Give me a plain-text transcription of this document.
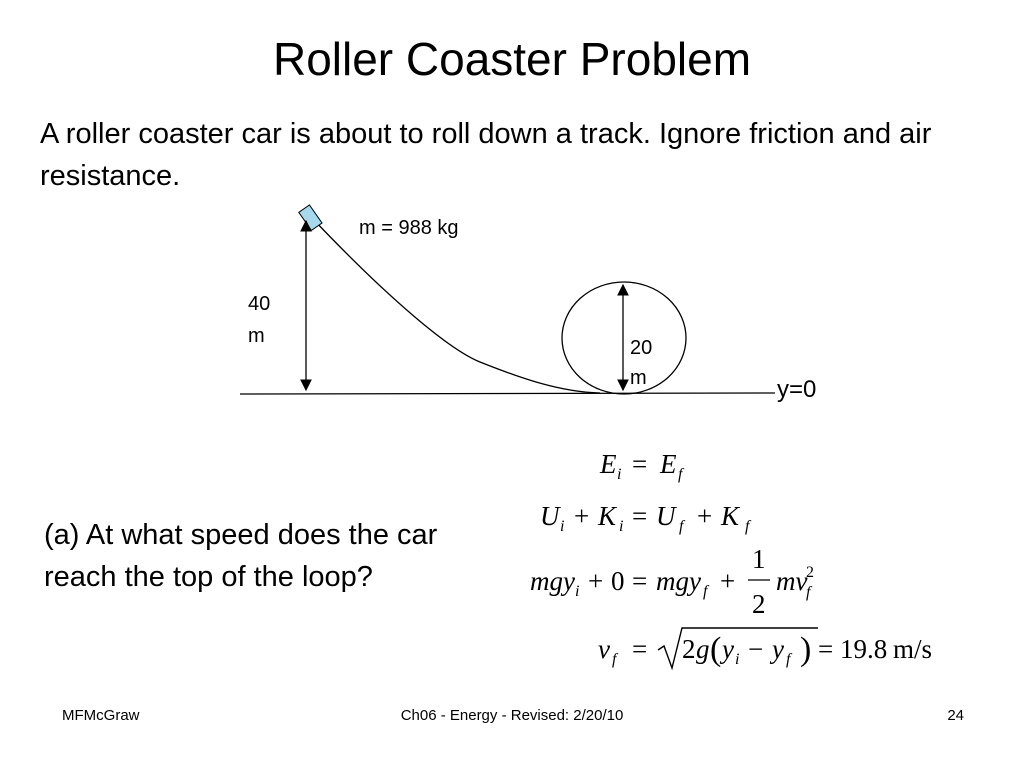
Roller Coaster Problem
A roller coaster car is about to roll down a track. Ignore friction and air resistance.
m = 988 kg
40
m
20
m	y=0
E i = E f
U i + K i = U f + K f
mgy i + 0 = mgy f +
1
2
mv
f
2
v f = 2 g ( y i − y f ) = 19.8 m/s
(a) At what speed does the car reach the top of the loop?
MFMcGraw	Ch06 - Energy - Revised: 2/20/10	24
